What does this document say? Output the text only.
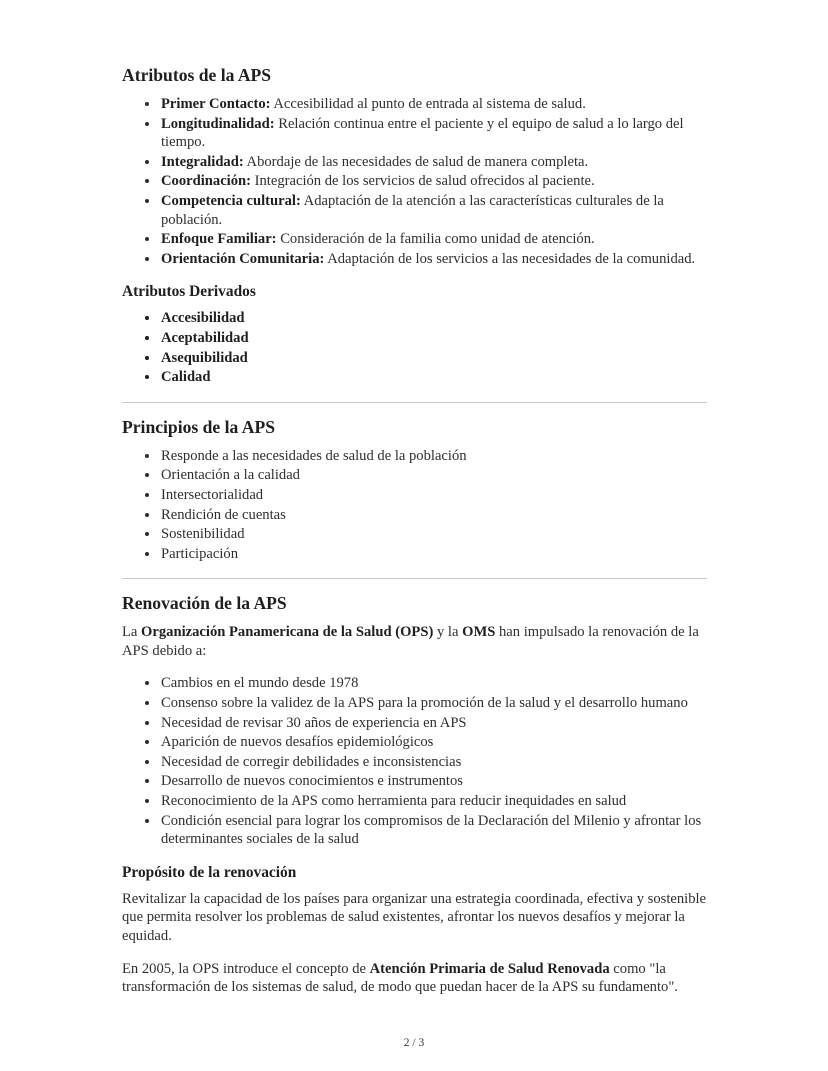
Atributos de la APS
• Primer Contacto: Accesibilidad al punto de entrada al sistema de salud.
• Longitudinalidad: Relación continua entre el paciente y el equipo de salud a lo largo del tiempo.
• Integralidad: Abordaje de las necesidades de salud de manera completa.
• Coordinación: Integración de los servicios de salud ofrecidos al paciente.
• Competencia cultural: Adaptación de la atención a las características culturales de la población.
• Enfoque Familiar: Consideración de la familia como unidad de atención.
• Orientación Comunitaria: Adaptación de los servicios a las necesidades de la comunidad.
Atributos Derivados
• Accesibilidad
• Aceptabilidad
• Asequibilidad
• Calidad
Principios de la APS
• Responde a las necesidades de salud de la población
• Orientación a la calidad
• Intersectorialidad
• Rendición de cuentas
• Sostenibilidad
• Participación
Renovación de la APS

La Organización Panamericana de la Salud (OPS) y la OMS han impulsado la renovación de la APS debido a:

• Cambios en el mundo desde 1978
• Consenso sobre la validez de la APS para la promoción de la salud y el desarrollo humano
• Necesidad de revisar 30 años de experiencia en APS
• Aparición de nuevos desafíos epidemiológicos
• Necesidad de corregir debilidades e inconsistencias
• Desarrollo de nuevos conocimientos e instrumentos
• Reconocimiento de la APS como herramienta para reducir inequidades en salud
• Condición esencial para lograr los compromisos de la Declaración del Milenio y afrontar los determinantes sociales de la salud
Propósito de la renovación

Revitalizar la capacidad de los países para organizar una estrategia coordinada, efectiva y sostenible que permita resolver los problemas de salud existentes, afrontar los nuevos desafíos y mejorar la equidad.

En 2005, la OPS introduce el concepto de Atención Primaria de Salud Renovada como "la transformación de los sistemas de salud, de modo que puedan hacer de la APS su fundamento".

2 / 3
